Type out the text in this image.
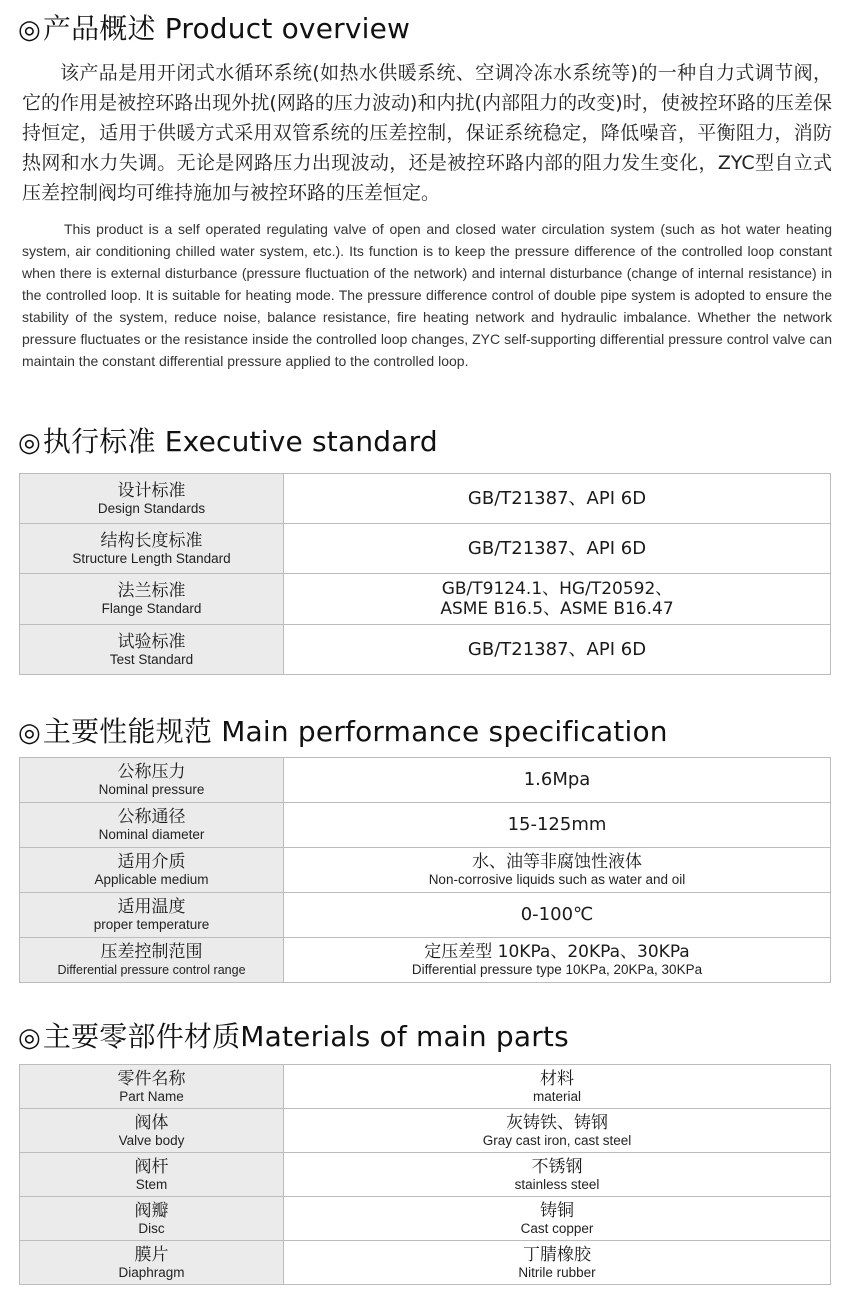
◎产品概述 Product overview

该产品是用开闭式水循环系统(如热水供暖系统、空调冷冻水系统等)的一种自力式调节阀，它的作用是被控环路出现外扰(网路的压力波动)和内扰(内部阻力的改变)时，使被控环路的压差保持恒定，适用于供暖方式采用双管系统的压差控制，保证系统稳定，降低噪音，平衡阻力，消防热网和水力失调。无论是网路压力出现波动，还是被控环路内部的阻力发生变化，ZYC型自立式压差控制阀均可维持施加与被控环路的压差恒定。

This product is a self operated regulating valve of open and closed water circulation system (such as hot water heating system, air conditioning chilled water system, etc.). Its function is to keep the pressure difference of the controlled loop constant when there is external disturbance (pressure fluctuation of the network) and internal disturbance (change of internal resistance) in the controlled loop. It is suitable for heating mode. The pressure difference control of double pipe system is adopted to ensure the stability of the system, reduce noise, balance resistance, fire heating network and hydraulic imbalance. Whether the network pressure fluctuates or the resistance inside the controlled loop changes, ZYC self-supporting differential pressure control valve can maintain the constant differential pressure applied to the controlled loop.

◎执行标准 Executive standard
设计标准
Design Standards	GB/T21387、API 6D

结构长度标准
Structure Length Standard	GB/T21387、API 6D

法兰标准
Flange Standard	GB/T9124.1、HG/T20592、
ASME B16.5、ASME B16.47

试验标准
Test Standard	GB/T21387、API 6D
◎主要性能规范 Main performance specification
公称压力
Nominal pressure	1.6Mpa

公称通径
Nominal diameter	15-125mm

适用介质
Applicable medium	水、油等非腐蚀性液体
Non-corrosive liquids such as water and oil

适用温度
proper temperature	0-100℃

压差控制范围
Differential pressure control range	定压差型 10KPa、20KPa、30KPa
Differential pressure type 10KPa, 20KPa, 30KPa
◎主要零部件材质Materials of main parts
零件名称
Part Name	材料
material

阀体
Valve body	灰铸铁、铸钢
Gray cast iron, cast steel

阀杆
Stem	不锈钢
stainless steel

阀瓣
Disc	铸铜
Cast copper

膜片
Diaphragm	丁腈橡胶
Nitrile rubber
